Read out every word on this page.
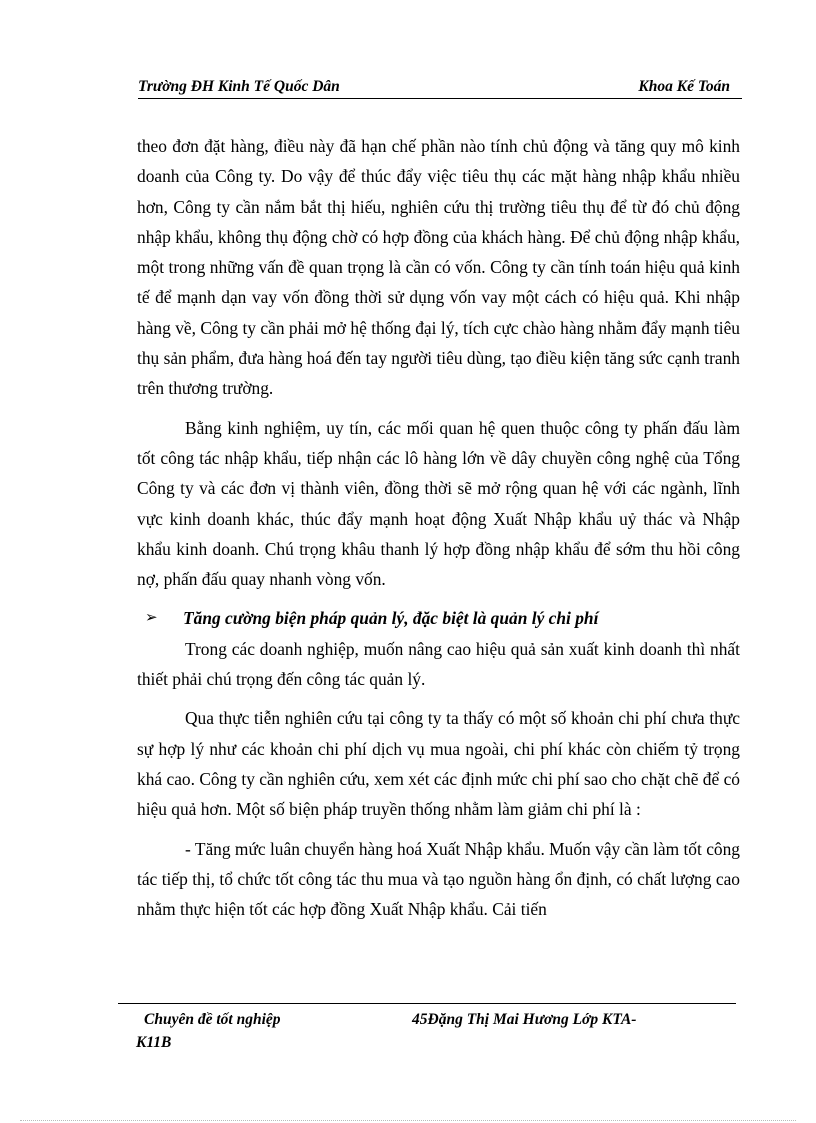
Trường ĐH Kinh Tế Quốc Dân	Khoa Kế Toán

theo đơn đặt hàng, điều này đã hạn chế phần nào tính chủ động và tăng quy mô kinh doanh của Công ty. Do vậy để thúc đẩy việc tiêu thụ các mặt hàng nhập khẩu nhiều hơn, Công ty cần nắm bắt thị hiếu, nghiên cứu thị trường tiêu thụ để từ đó chủ động nhập khẩu, không thụ động chờ có hợp đồng của khách hàng. Để chủ động nhập khẩu, một trong những vấn đề quan trọng là cần có vốn. Công ty cần tính toán hiệu quả kinh tế để mạnh dạn vay vốn đồng thời sử dụng vốn vay một cách có hiệu quả. Khi nhập hàng về, Công ty cần phải mở hệ thống đại lý, tích cực chào hàng nhằm đẩy mạnh tiêu thụ sản phẩm, đưa hàng hoá đến tay người tiêu dùng, tạo điều kiện tăng sức cạnh tranh trên thương trường.

Bằng kinh nghiệm, uy tín, các mối quan hệ quen thuộc công ty phấn đấu làm tốt công tác nhập khẩu, tiếp nhận các lô hàng lớn về dây chuyền công nghệ của Tổng Công ty và các đơn vị thành viên, đồng thời sẽ mở rộng quan hệ với các ngành, lĩnh vực kinh doanh khác, thúc đẩy mạnh hoạt động Xuất Nhập khẩu uỷ thác và Nhập khẩu kinh doanh. Chú trọng khâu thanh lý hợp đồng nhập khẩu để sớm thu hồi công nợ, phấn đấu quay nhanh vòng vốn.

➢ Tăng cường biện pháp quản lý, đặc biệt là quản lý chi phí

Trong các doanh nghiệp, muốn nâng cao hiệu quả sản xuất kinh doanh thì nhất thiết phải chú trọng đến công tác quản lý.

Qua thực tiễn nghiên cứu tại công ty ta thấy có một số khoản chi phí chưa thực sự hợp lý như các khoản chi phí dịch vụ mua ngoài, chi phí khác còn chiếm tỷ trọng khá cao. Công ty cần nghiên cứu, xem xét các định mức chi phí sao cho chặt chẽ để có hiệu quả hơn. Một số biện pháp truyền thống nhằm làm giảm chi phí là :

- Tăng mức luân chuyển hàng hoá Xuất Nhập khẩu. Muốn vậy cần làm tốt công tác tiếp thị, tổ chức tốt công tác thu mua và tạo nguồn hàng ổn định, có chất lượng cao nhằm thực hiện tốt các hợp đồng Xuất Nhập khẩu. Cải tiến

Chuyên đề tốt nghiệp	45Đặng Thị Mai Hương Lớp KTA-
K11B
